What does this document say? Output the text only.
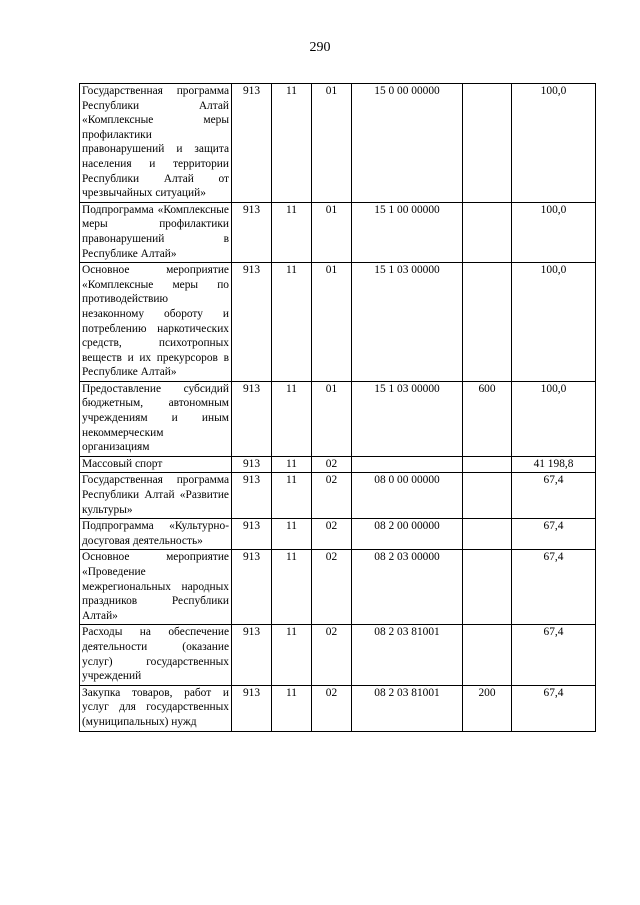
290
Государственная программа Республики Алтай «Комплексные меры профилактики правонарушений и защита населения и территории Республики Алтай от чрезвычайных ситуаций»	913	11	01	15 0 00 00000		100,0
Подпрограмма «Комплексные меры профилактики правонарушений в Республике Алтай»	913	11	01	15 1 00 00000		100,0
Основное мероприятие «Комплексные меры по противодействию незаконному обороту и потреблению наркотических средств, психотропных веществ и их прекурсоров в Республике Алтай»	913	11	01	15 1 03 00000		100,0
Предоставление субсидий бюджетным, автономным учреждениям и иным некоммерческим организациям	913	11	01	15 1 03 00000	600	100,0
Массовый спорт	913	11	02			41 198,8
Государственная программа Республики Алтай «Развитие культуры»	913	11	02	08 0 00 00000		67,4
Подпрограмма «Культурно-досуговая деятельность»	913	11	02	08 2 00 00000		67,4
Основное мероприятие «Проведение межрегиональных народных праздников Республики Алтай»	913	11	02	08 2 03 00000		67,4
Расходы на обеспечение деятельности (оказание услуг) государственных учреждений	913	11	02	08 2 03 81001		67,4
Закупка товаров, работ и услуг для государственных (муниципальных) нужд	913	11	02	08 2 03 81001	200	67,4
